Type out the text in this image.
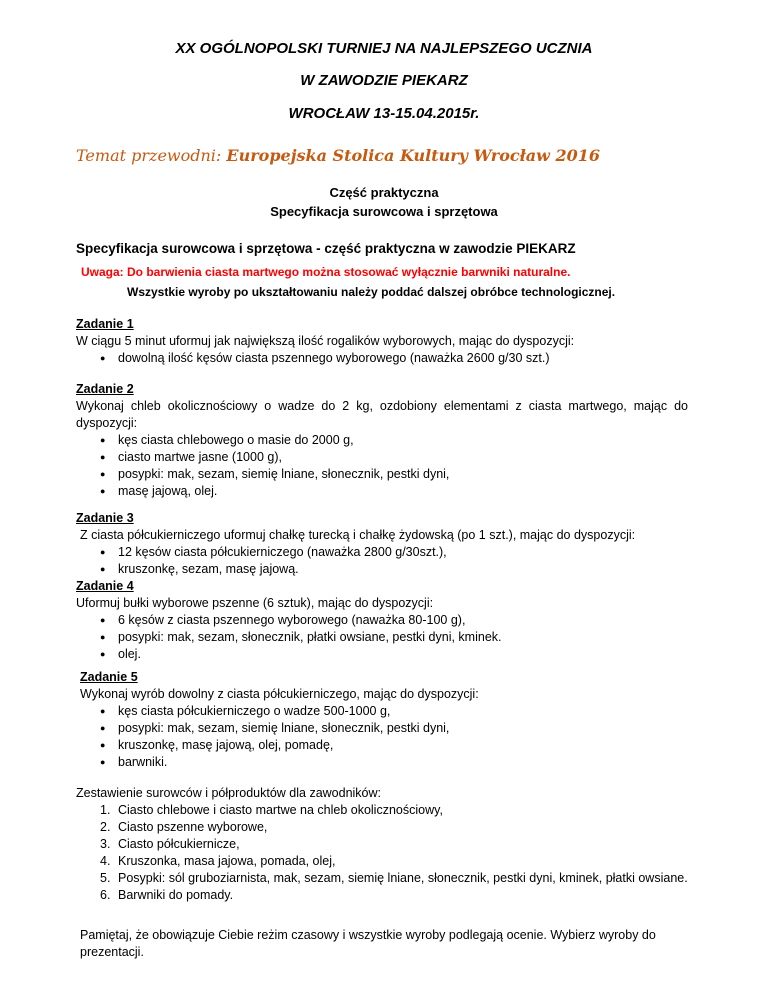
XX OGÓLNOPOLSKI TURNIEJ NA NAJLEPSZEGO UCZNIA
W ZAWODZIE PIEKARZ
WROCŁAW 13-15.04.2015r.
Temat przewodni: Europejska Stolica Kultury Wrocław 2016
Część praktyczna
Specyfikacja surowcowa i sprzętowa
Specyfikacja surowcowa i sprzętowa - część praktyczna w zawodzie PIEKARZ
Uwaga: Do barwienia ciasta martwego można stosować wyłącznie barwniki naturalne.
Wszystkie wyroby po ukształtowaniu należy poddać dalszej obróbce technologicznej.
Zadanie 1
W ciągu 5 minut uformuj jak największą ilość rogalików wyborowych, mając do dyspozycji:
● dowolną ilość kęsów ciasta pszennego wyborowego (naważka 2600 g/30 szt.)
Zadanie 2
Wykonaj chleb okolicznościowy o wadze do 2 kg, ozdobiony elementami z ciasta martwego, mając do dyspozycji:
● kęs ciasta chlebowego o masie do 2000 g,
● ciasto martwe jasne (1000 g),
● posypki: mak, sezam, siemię lniane, słonecznik, pestki dyni,
● masę jajową, olej.
Zadanie 3
Z ciasta półcukierniczego uformuj chałkę turecką i chałkę żydowską (po 1 szt.), mając do dyspozycji:
● 12 kęsów ciasta półcukierniczego (naważka 2800 g/30szt.),
● kruszonkę, sezam, masę jajową.
Zadanie 4
Uformuj bułki wyborowe pszenne (6 sztuk), mając do dyspozycji:
● 6 kęsów z ciasta pszennego wyborowego (naważka 80-100 g),
● posypki: mak, sezam, słonecznik, płatki owsiane, pestki dyni, kminek.
● olej.
Zadanie 5
Wykonaj wyrób dowolny z ciasta półcukierniczego, mając do dyspozycji:
● kęs ciasta półcukierniczego o wadze 500-1000 g,
● posypki: mak, sezam, siemię lniane, słonecznik, pestki dyni,
● kruszonkę, masę jajową, olej, pomadę,
● barwniki.
Zestawienie surowców i półproduktów dla zawodników:
1. Ciasto chlebowe i ciasto martwe na chleb okolicznościowy,
2. Ciasto pszenne wyborowe,
3. Ciasto półcukiernicze,
4. Kruszonka, masa jajowa, pomada, olej,
5. Posypki: sól gruboziarnista, mak, sezam, siemię lniane, słonecznik, pestki dyni, kminek, płatki owsiane.
6. Barwniki do pomady.
Pamiętaj, że obowiązuje Ciebie reżim czasowy i wszystkie wyroby podlegają ocenie. Wybierz wyroby do prezentacji.
